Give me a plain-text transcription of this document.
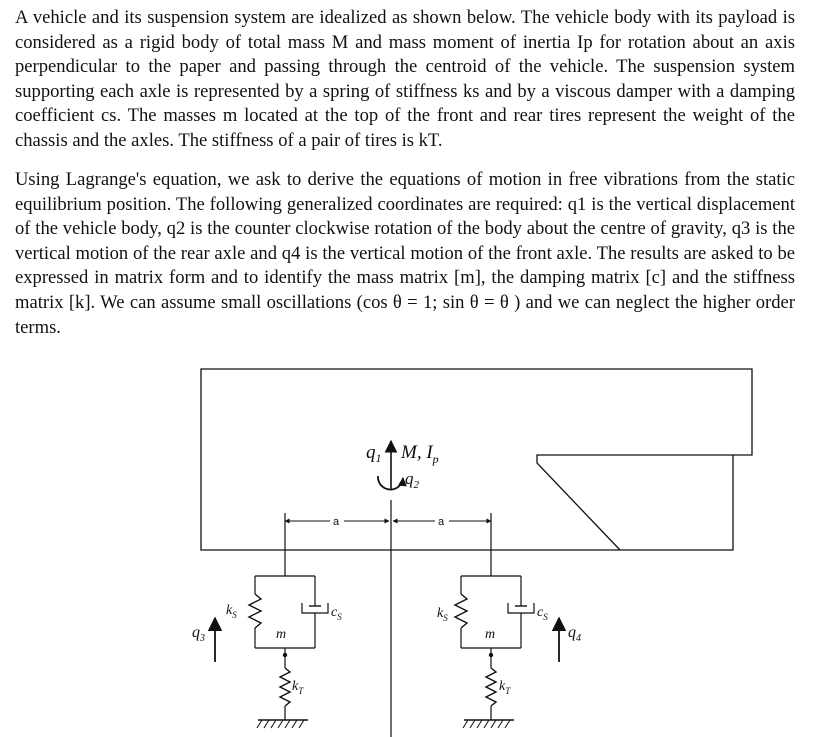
A vehicle and its suspension system are idealized as shown below. The vehicle body with its payload is considered as a rigid body of total mass M and mass moment of inertia Ip for rotation about an axis perpendicular to the paper and passing through the centroid of the vehicle. The suspension system supporting each axle is represented by a spring of stiffness ks and by a viscous damper with a damping coefficient cs. The masses m located at the top of the front and rear tires represent the weight of the chassis and the axles. The stiffness of a pair of tires is kT.

Using Lagrange's equation, we ask to derive the equations of motion in free vibrations from the static equilibrium position. The following generalized coordinates are required: q1 is the vertical displacement of the vehicle body, q2 is the counter clockwise rotation of the body about the centre of gravity, q3 is the vertical motion of the rear axle and q4 is the vertical motion of the front axle. The results are asked to be expressed in matrix form and to identify the mass matrix [m], the damping matrix [c] and the stiffness matrix [k]. We can assume small oscillations (cos θ = 1; sin θ = θ ) and we can neglect the higher order terms.

$q_1$ M, $I_p$
$q_2$
a	a
$k_S$	$c_S$
m
$k_T$
$q_3$
$k_S$	$c_S$
m
$k_T$
$q_4$
